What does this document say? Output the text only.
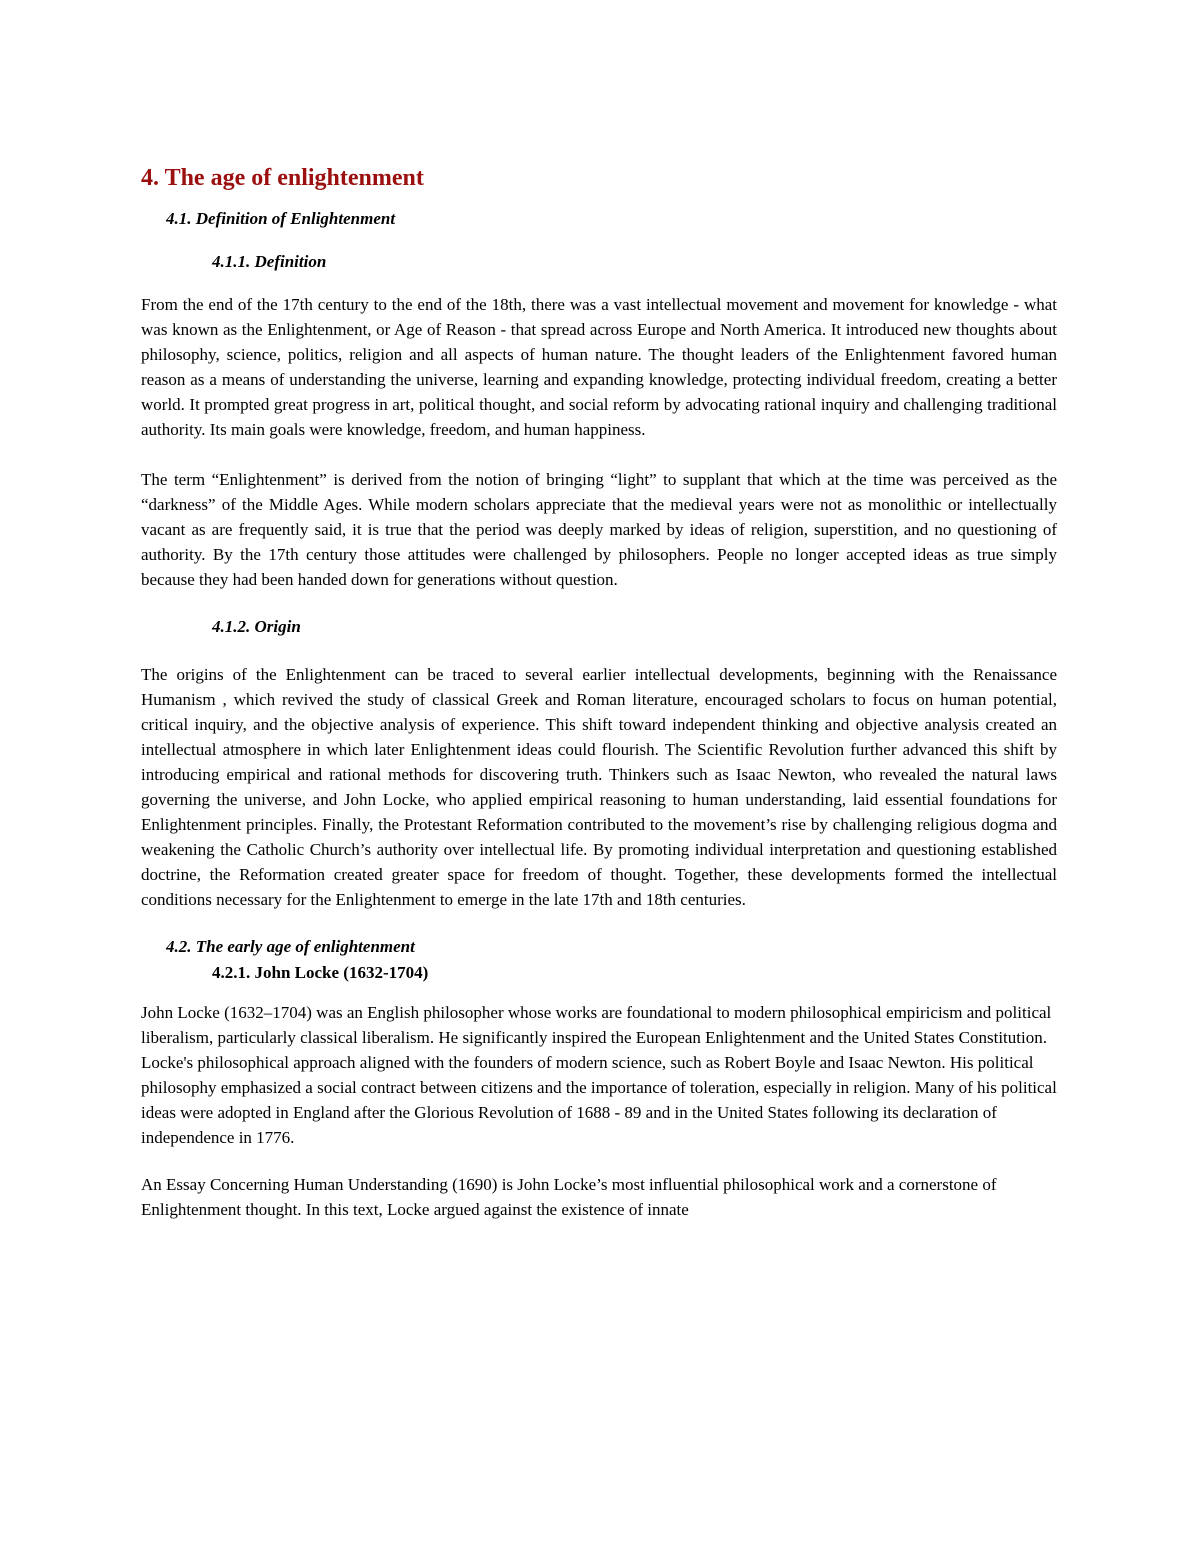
4. The age of enlightenment
4.1. Definition of Enlightenment
4.1.1. Definition

From the end of the 17th century to the end of the 18th, there was a vast intellectual movement and movement for knowledge - what was known as the Enlightenment, or Age of Reason - that spread across Europe and North America. It introduced new thoughts about philosophy, science, politics, religion and all aspects of human nature. The thought leaders of the Enlightenment favored human reason as a means of understanding the universe, learning and expanding knowledge, protecting individual freedom, creating a better world. It prompted great progress in art, political thought, and social reform by advocating rational inquiry and challenging traditional authority. Its main goals were knowledge, freedom, and human happiness.

The term “Enlightenment” is derived from the notion of bringing “light” to supplant that which at the time was perceived as the “darkness” of the Middle Ages. While modern scholars appreciate that the medieval years were not as monolithic or intellectually vacant as are frequently said, it is true that the period was deeply marked by ideas of religion, superstition, and no questioning of authority. By the 17th century those attitudes were challenged by philosophers. People no longer accepted ideas as true simply because they had been handed down for generations without question.

4.1.2. Origin

The origins of the Enlightenment can be traced to several earlier intellectual developments, beginning with the Renaissance Humanism , which revived the study of classical Greek and Roman literature, encouraged scholars to focus on human potential, critical inquiry, and the objective analysis of experience. This shift toward independent thinking and objective analysis created an intellectual atmosphere in which later Enlightenment ideas could flourish. The Scientific Revolution further advanced this shift by introducing empirical and rational methods for discovering truth. Thinkers such as Isaac Newton, who revealed the natural laws governing the universe, and John Locke, who applied empirical reasoning to human understanding, laid essential foundations for Enlightenment principles. Finally, the Protestant Reformation contributed to the movement’s rise by challenging religious dogma and weakening the Catholic Church’s authority over intellectual life. By promoting individual interpretation and questioning established doctrine, the Reformation created greater space for freedom of thought. Together, these developments formed the intellectual conditions necessary for the Enlightenment to emerge in the late 17th and 18th centuries.

4.2. The early age of enlightenment
4.2.1. John Locke (1632-1704)

John Locke (1632–1704) was an English philosopher whose works are foundational to modern philosophical empiricism and political liberalism, particularly classical liberalism. He significantly inspired the European Enlightenment and the United States Constitution. Locke's philosophical approach aligned with the founders of modern science, such as Robert Boyle and Isaac Newton. His political philosophy emphasized a social contract between citizens and the importance of toleration, especially in religion. Many of his political ideas were adopted in England after the Glorious Revolution of 1688 - 89 and in the United States following its declaration of independence in 1776.

An Essay Concerning Human Understanding (1690) is John Locke’s most influential philosophical work and a cornerstone of Enlightenment thought. In this text, Locke argued against the existence of innate
